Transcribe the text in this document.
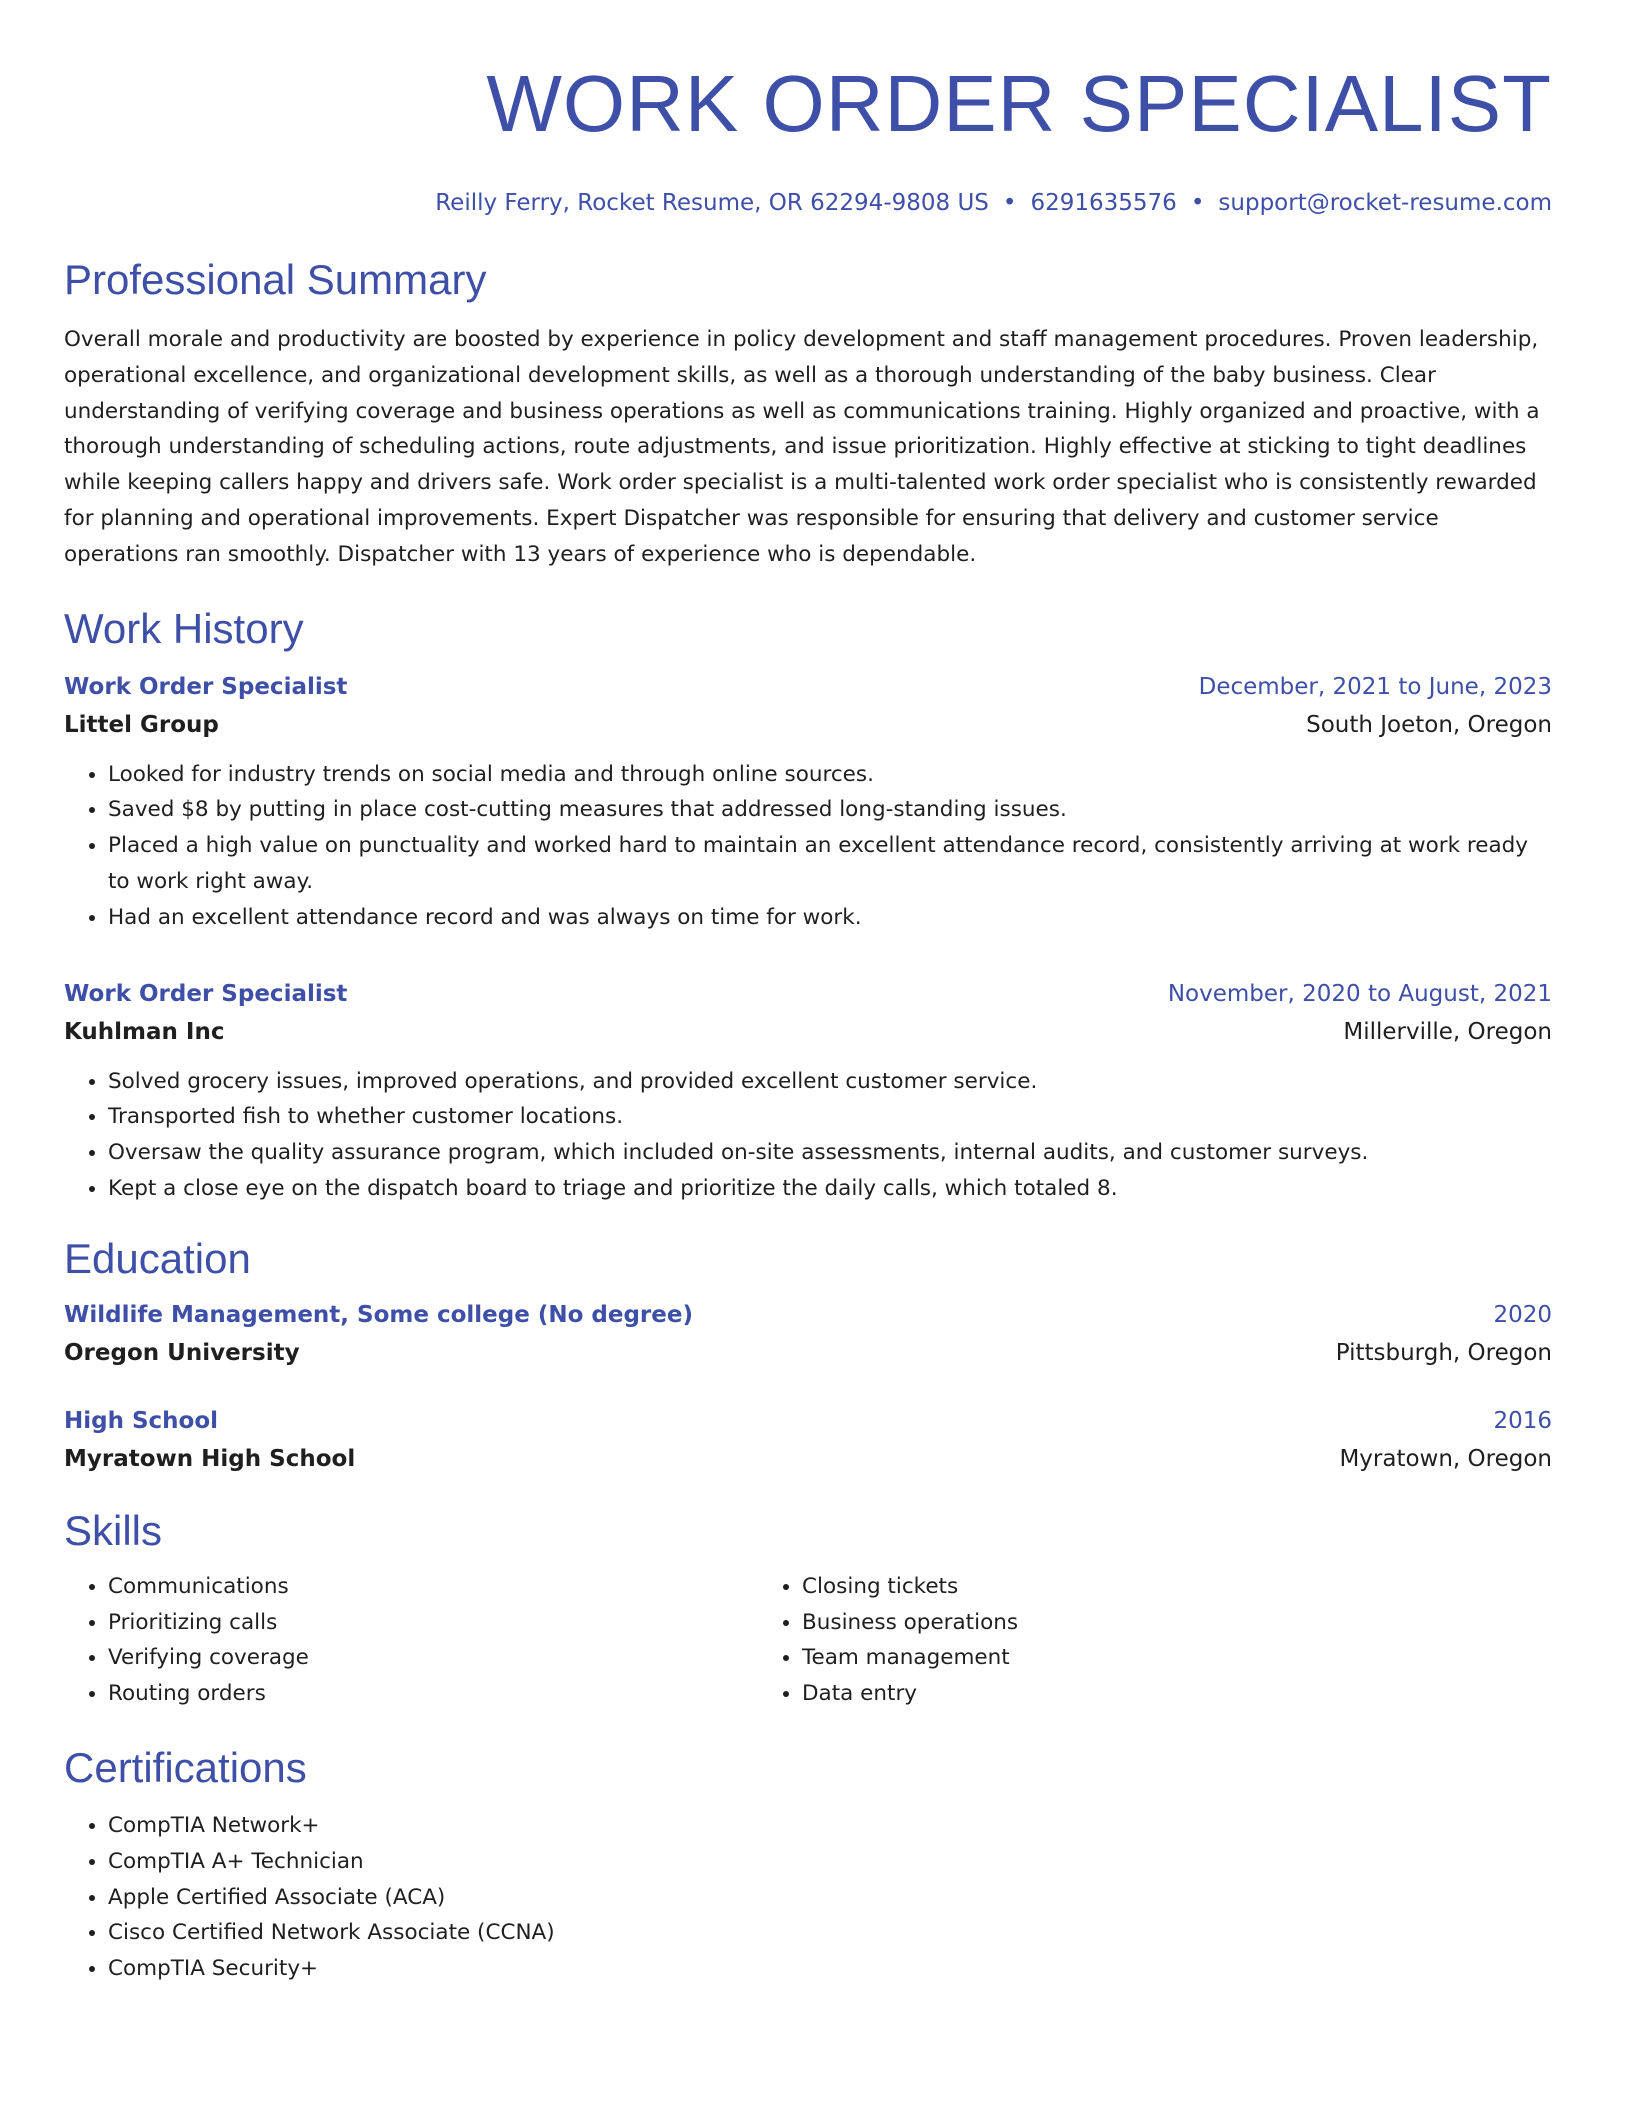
WORK ORDER SPECIALIST
Reilly Ferry, Rocket Resume, OR 62294-9808 US • 6291635576 • support@rocket-resume.com
Professional Summary

Overall morale and productivity are boosted by experience in policy development and staff management procedures. Proven leadership, operational excellence, and organizational development skills, as well as a thorough understanding of the baby business. Clear understanding of verifying coverage and business operations as well as communications training. Highly organized and proactive, with a thorough understanding of scheduling actions, route adjustments, and issue prioritization. Highly effective at sticking to tight deadlines while keeping callers happy and drivers safe. Work order specialist is a multi-talented work order specialist who is consistently rewarded for planning and operational improvements. Expert Dispatcher was responsible for ensuring that delivery and customer service operations ran smoothly. Dispatcher with 13 years of experience who is dependable.

Work History
Work Order Specialist	December, 2021 to June, 2023
Littel Group	South Joeton, Oregon
• Looked for industry trends on social media and through online sources.
• Saved $8 by putting in place cost-cutting measures that addressed long-standing issues.
• Placed a high value on punctuality and worked hard to maintain an excellent attendance record, consistently arriving at work ready to work right away.
• Had an excellent attendance record and was always on time for work.
Work Order Specialist	November, 2020 to August, 2021
Kuhlman Inc	Millerville, Oregon
• Solved grocery issues, improved operations, and provided excellent customer service.
• Transported fish to whether customer locations.
• Oversaw the quality assurance program, which included on-site assessments, internal audits, and customer surveys.
• Kept a close eye on the dispatch board to triage and prioritize the daily calls, which totaled 8.
Education
Wildlife Management, Some college (No degree)	2020
Oregon University	Pittsburgh, Oregon
High School	2016
Myratown High School	Myratown, Oregon
Skills
• Communications
• Prioritizing calls
• Verifying coverage
• Routing orders
• Closing tickets
• Business operations
• Team management
• Data entry
Certifications
• CompTIA Network+
• CompTIA A+ Technician
• Apple Certified Associate (ACA)
• Cisco Certified Network Associate (CCNA)
• CompTIA Security+
